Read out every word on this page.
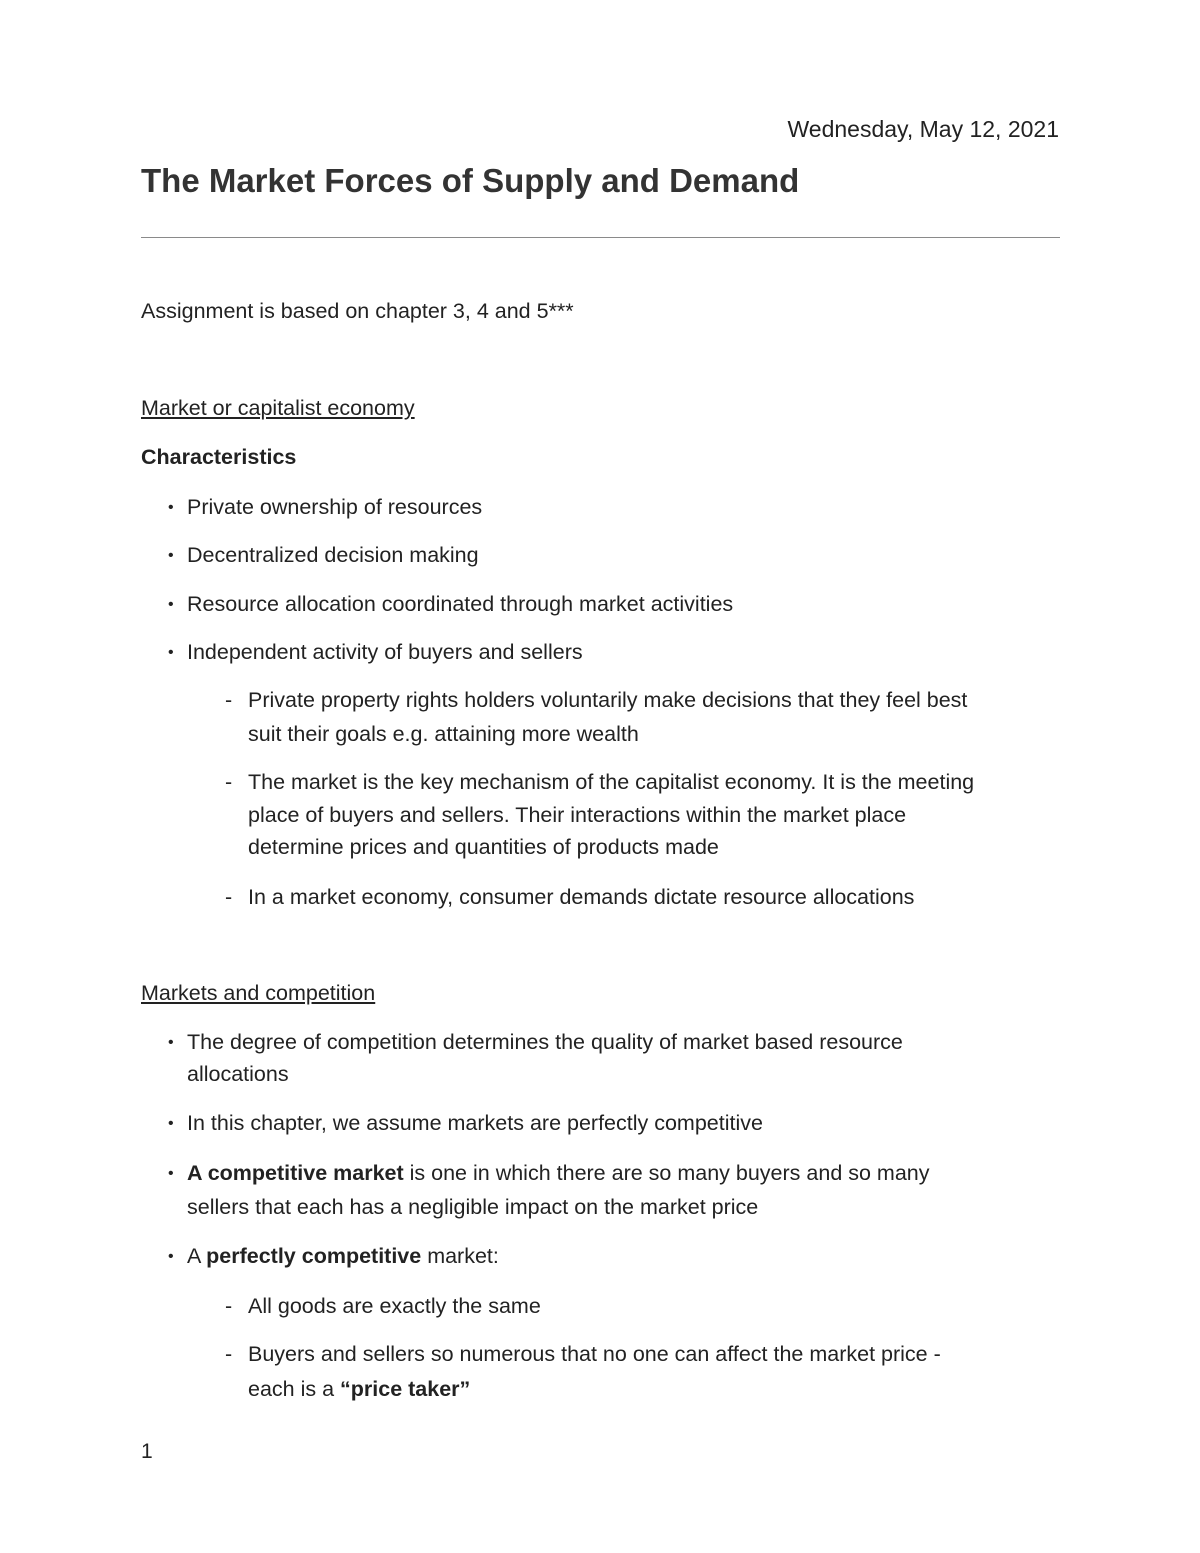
Wednesday, May 12, 2021
The Market Forces of Supply and Demand
Assignment is based on chapter 3, 4 and 5***
Market or capitalist economy
Characteristics
• Private ownership of resources
• Decentralized decision making
• Resource allocation coordinated through market activities
• Independent activity of buyers and sellers
- Private property rights holders voluntarily make decisions that they feel best
suit their goals e.g. attaining more wealth
- The market is the key mechanism of the capitalist economy. It is the meeting
place of buyers and sellers. Their interactions within the market place
determine prices and quantities of products made
- In a market economy, consumer demands dictate resource allocations
Markets and competition
• The degree of competition determines the quality of market based resource
allocations
• In this chapter, we assume markets are perfectly competitive
• A competitive market is one in which there are so many buyers and so many
sellers that each has a negligible impact on the market price
• A perfectly competitive market:
- All goods are exactly the same
- Buyers and sellers so numerous that no one can affect the market price -
each is a “price taker”
1
